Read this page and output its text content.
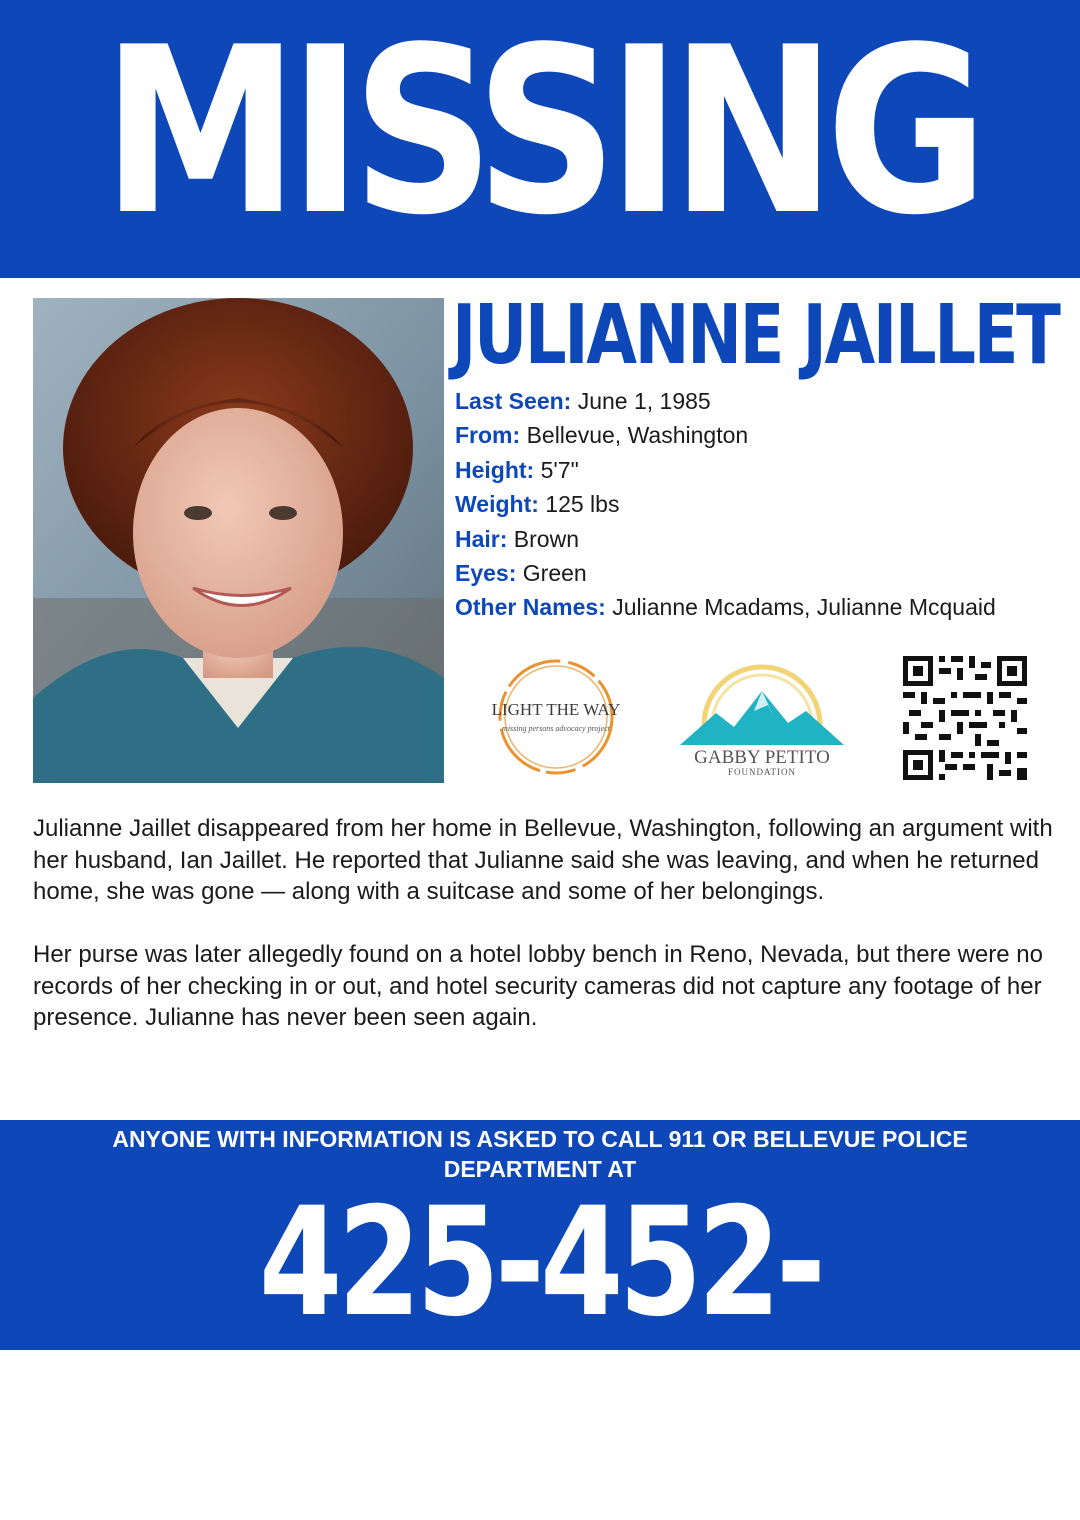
MISSING
JULIANNE JAILLET
Last Seen: June 1, 1985
From: Bellevue, Washington
Height: 5'7"
Weight: 125 lbs
Hair: Brown
Eyes: Green
Other Names: Julianne Mcadams, Julianne Mcquaid
LIGHT THE WAY
missing persons advocacy project
GABBY PETITO
FOUNDATION

Julianne Jaillet disappeared from her home in Bellevue, Washington, following an argument with her husband, Ian Jaillet. He reported that Julianne said she was leaving, and when he returned home, she was gone — along with a suitcase and some of her belongings.

Her purse was later allegedly found on a hotel lobby bench in Reno, Nevada, but there were no records of her checking in or out, and hotel security cameras did not capture any footage of her presence. Julianne has never been seen again.

ANYONE WITH INFORMATION IS ASKED TO CALL 911 OR BELLEVUE POLICE DEPARTMENT AT
425-452-6917
